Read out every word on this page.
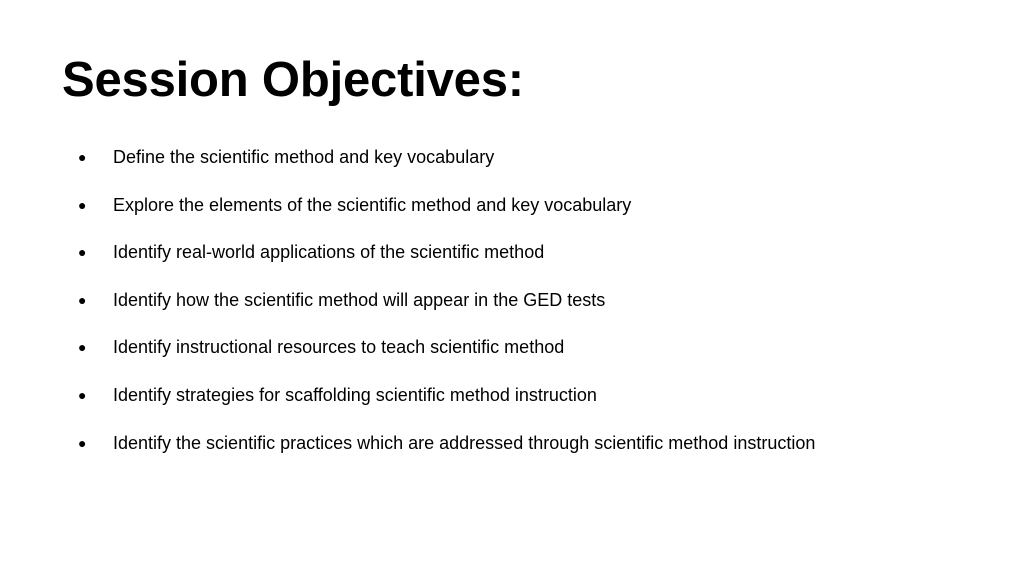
Session Objectives:
●	Define the scientific method and key vocabulary
●	Explore the elements of the scientific method and key vocabulary
●	Identify real-world applications of the scientific method
●	Identify how the scientific method will appear in the GED tests
●	Identify instructional resources to teach scientific method
●	Identify strategies for scaffolding scientific method instruction
●	Identify the scientific practices which are addressed through scientific method instruction
